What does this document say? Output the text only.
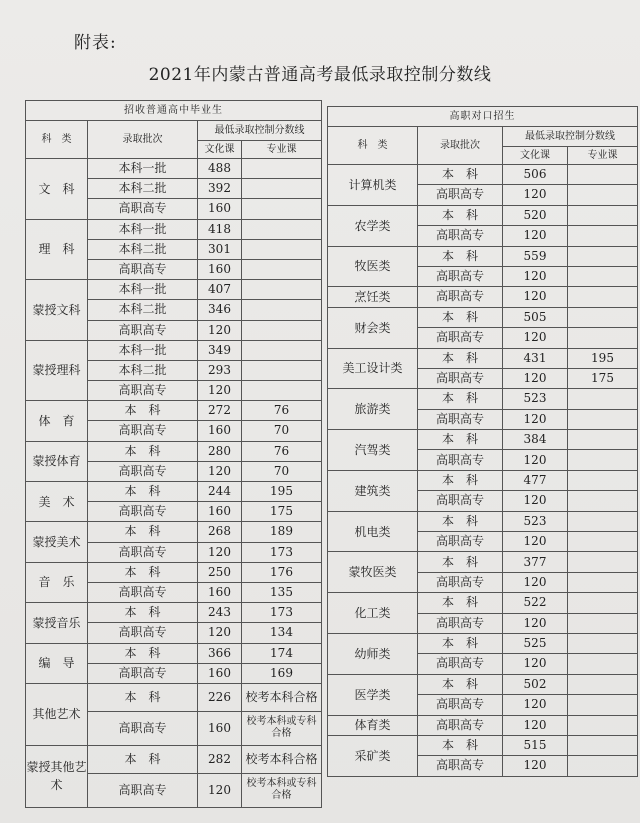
附表:
2021年内蒙古普通高考最低录取控制分数线
招收普通高中毕业生			
科　类	录取批次	最低录取控制分数线	
		文化课	专业课
文　科	本科一批	488	
	本科二批	392	
	高职高专	160	
理　科	本科一批	418	
	本科二批	301	
	高职高专	160	
蒙授文科	本科一批	407	
	本科二批	346	
	高职高专	120	
蒙授理科	本科一批	349	
	本科二批	293	
	高职高专	120	
体　育	本　科	272	76
	高职高专	160	70
蒙授体育	本　科	280	76
	高职高专	120	70
美　术	本　科	244	195
	高职高专	160	175
蒙授美术	本　科	268	189
	高职高专	120	173
音　乐	本　科	250	176
	高职高专	160	135
蒙授音乐	本　科	243	173
	高职高专	120	134
编　导	本　科	366	174
	高职高专	160	169
其他艺术	本　科	226	校考本科合格
	高职高专	160	校考本科或专科合格
蒙授其他艺术	本　科	282	校考本科合格
	高职高专	120	校考本科或专科合格
高职对口招生			
科　类	录取批次	最低录取控制分数线	
		文化课	专业课
计算机类	本　科	506	
	高职高专	120	
农学类	本　科	520	
	高职高专	120	
牧医类	本　科	559	
	高职高专	120	
烹饪类	高职高专	120	
财会类	本　科	505	
	高职高专	120	
美工设计类	本　科	431	195
	高职高专	120	175
旅游类	本　科	523	
	高职高专	120	
汽驾类	本　科	384	
	高职高专	120	
建筑类	本　科	477	
	高职高专	120	
机电类	本　科	523	
	高职高专	120	
蒙牧医类	本　科	377	
	高职高专	120	
化工类	本　科	522	
	高职高专	120	
幼师类	本　科	525	
	高职高专	120	
医学类	本　科	502	
	高职高专	120	
体育类	高职高专	120	
采矿类	本　科	515	
	高职高专	120	
